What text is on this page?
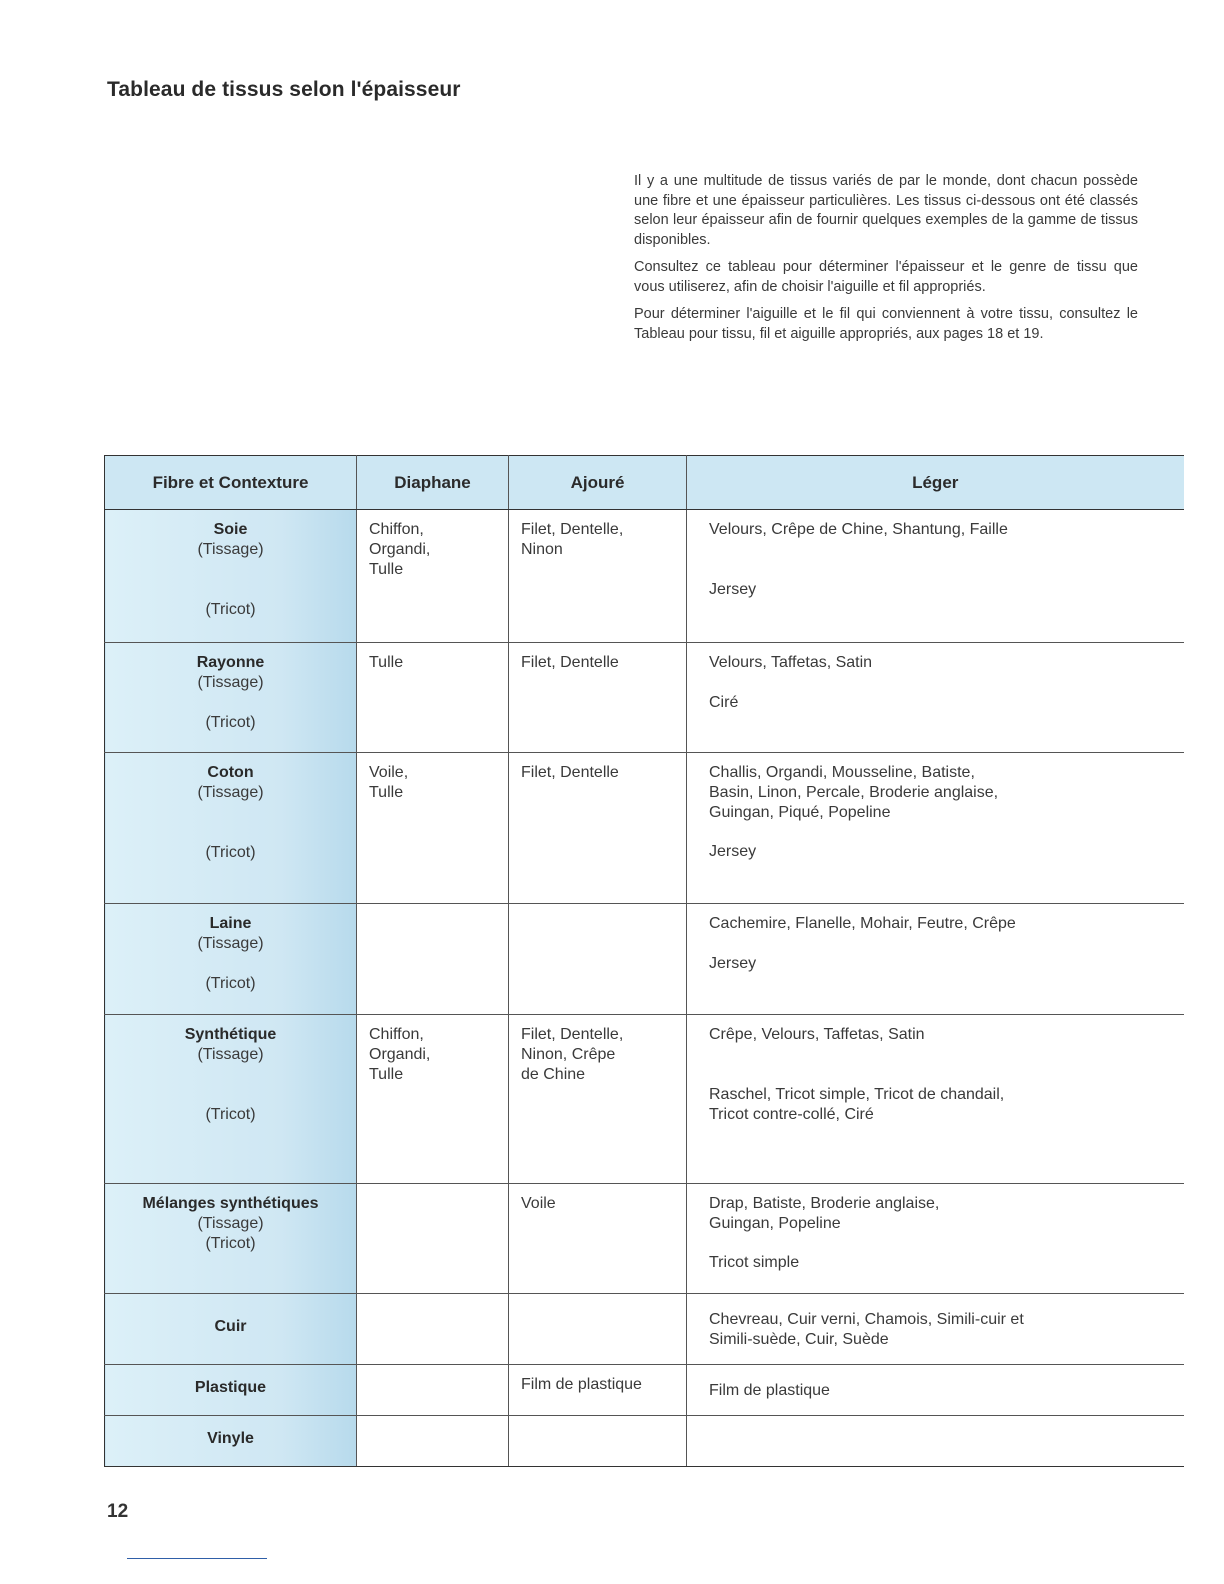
Tableau de tissus selon l'épaisseur

Il y a une multitude de tissus variés de par le monde, dont chacun possède une fibre et une épaisseur particulières. Les tissus ci-dessous ont été classés selon leur épaisseur afin de fournir quelques exemples de la gamme de tissus disponibles.

Consultez ce tableau pour déterminer l'épaisseur et le genre de tissu que vous utiliserez, afin de choisir l'aiguille et fil appropriés.

Pour déterminer l'aiguille et le fil qui conviennent à votre tissu, consultez le Tableau pour tissu, fil et aiguille appropriés, aux pages 18 et 19.

Fibre et Contexture	Diaphane	Ajouré	Léger

Soie
(Tissage)
(Tricot)	Chiffon,
Organdi,
Tulle	Filet, Dentelle,
Ninon	Velours, Crêpe de Chine, Shantung, Faille
Jersey

Rayonne
(Tissage)
(Tricot)	Tulle	Filet, Dentelle	Velours, Taffetas, Satin
Ciré

Coton
(Tissage)
(Tricot)	Voile,
Tulle	Filet, Dentelle	Challis, Organdi, Mousseline, Batiste,
Basin, Linon, Percale, Broderie anglaise,
Guingan, Piqué, Popeline
Jersey

Laine
(Tissage)
(Tricot)			Cachemire, Flanelle, Mohair, Feutre, Crêpe
Jersey

Synthétique
(Tissage)
(Tricot)	Chiffon,
Organdi,
Tulle	Filet, Dentelle,
Ninon, Crêpe
de Chine	Crêpe, Velours, Taffetas, Satin
Raschel, Tricot simple, Tricot de chandail,
Tricot contre-collé, Ciré

Mélanges synthétiques
(Tissage)
(Tricot)		Voile	Drap, Batiste, Broderie anglaise,
Guingan, Popeline
Tricot simple

Cuir			Chevreau, Cuir verni, Chamois, Simili-cuir et
Simili-suède, Cuir, Suède

Plastique		Film de plastique	Film de plastique

Vinyle			

12
